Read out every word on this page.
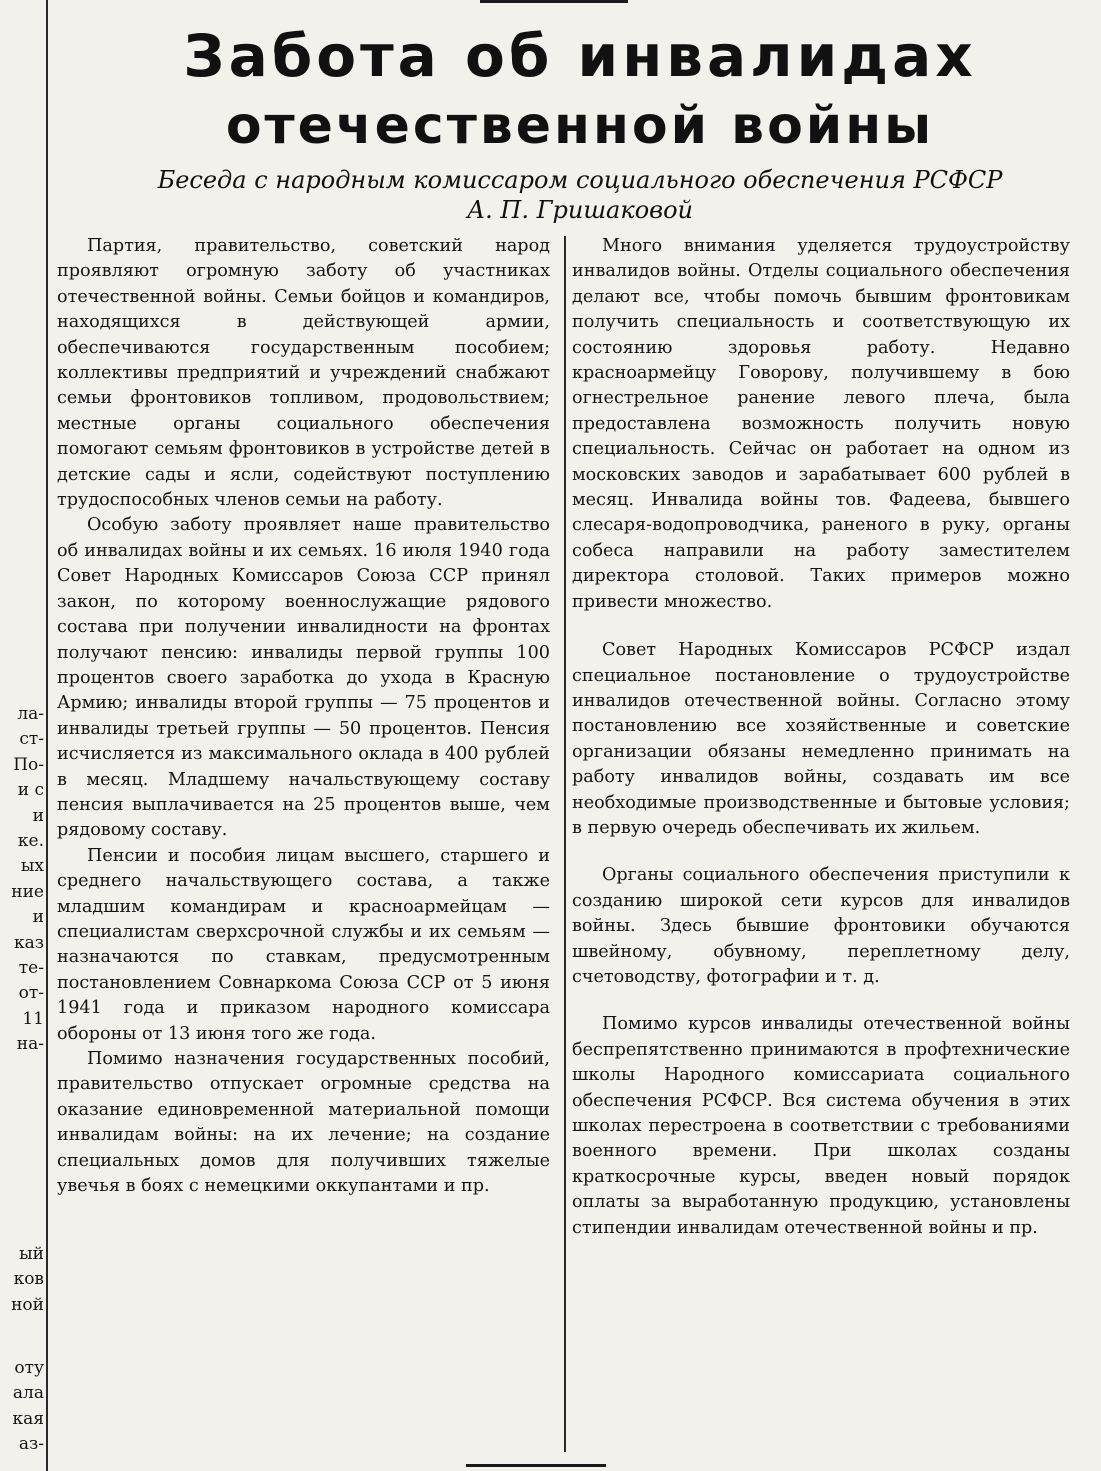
Забота об инвалидах
отечественной войны
Беседа с народным комиссаром социального обеспечения РСФСР
А. П. Гришаковой

Партия, правительство, советский народ проявляют огромную заботу об участниках отечественной войны. Семьи бойцов и командиров, находящихся в действующей армии, обеспечиваются государственным пособием; коллективы предприятий и учреждений снабжают семьи фронтовиков топливом, продовольствием; местные органы социального обеспечения помогают семьям фронтовиков в устройстве детей в детские сады и ясли, содействуют поступлению трудоспособных членов семьи на работу.

Особую заботу проявляет наше правительство об инвалидах войны и их семьях. 16 июля 1940 года Совет Народных Комиссаров Союза ССР принял закон, по которому военнослужащие рядового состава при получении инвалидности на фронтах получают пенсию: инвалиды первой группы 100 процентов своего заработка до ухода в Красную Армию; инвалиды второй группы — 75 процентов и инвалиды третьей группы — 50 процентов. Пенсия исчисляется из максимального оклада в 400 рублей в месяц. Младшему начальствующему составу пенсия выплачивается на 25 процентов выше, чем рядовому составу.

Пенсии и пособия лицам высшего, старшего и среднего начальствующего состава, а также младшим командирам и красноармейцам — специалистам сверхсрочной службы и их семьям — назначаются по ставкам, предусмотренным постановлением Совнаркома Союза ССР от 5 июня 1941 года и приказом народного комиссара обороны от 13 июня того же года.

Помимо назначения государственных пособий, правительство отпускает огромные средства на оказание единовременной материальной помощи инвалидам войны: на их лечение; на создание специальных домов для получивших тяжелые увечья в боях с немецкими оккупантами и пр.

Много внимания уделяется трудоустройству инвалидов войны. Отделы социального обеспечения делают все, чтобы помочь бывшим фронтовикам получить специальность и соответствующую их состоянию здоровья работу. Недавно красноармейцу Говорову, получившему в бою огнестрельное ранение левого плеча, была предоставлена возможность получить новую специальность. Сейчас он работает на одном из московских заводов и зарабатывает 600 рублей в месяц. Инвалида войны тов. Фадеева, бывшего слесаря-водопроводчика, раненого в руку, органы собеса направили на работу заместителем директора столовой. Таких примеров можно привести множество.

Совет Народных Комиссаров РСФСР издал специальное постановление о трудоустройстве инвалидов отечественной войны. Согласно этому постановлению все хозяйственные и советские организации обязаны немедленно принимать на работу инвалидов войны, создавать им все необходимые производственные и бытовые условия; в первую очередь обеспечивать их жильем.

Органы социального обеспечения приступили к созданию широкой сети курсов для инвалидов войны. Здесь бывшие фронтовики обучаются швейному, обувному, переплетному делу, счетоводству, фотографии и т. д.

Помимо курсов инвалиды отечественной войны беспрепятственно принимаются в профтехнические школы Народного комиссариата социального обеспечения РСФСР. Вся система обучения в этих школах перестроена в соответствии с требованиями военного времени. При школах созданы краткосрочные курсы, введен новый порядок оплаты за выработанную продукцию, установлены стипендии инвалидам отечественной войны и пр.

ла-
ст-
По-
и с
и
ке.
ых
ние
и
каз
те-
от-
11
на-
ый
ков
ной
оту
ала
кая
аз-
